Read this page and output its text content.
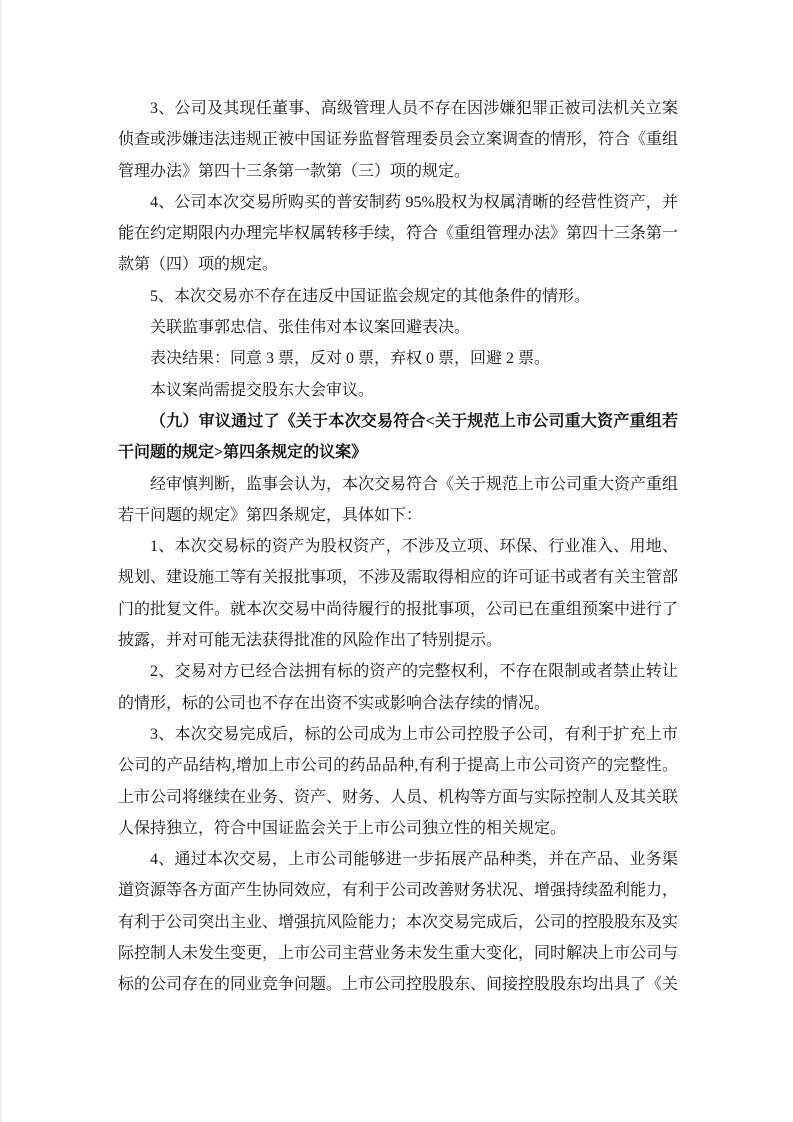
3、公司及其现任董事、高级管理人员不存在因涉嫌犯罪正被司法机关立案
侦查或涉嫌违法违规正被中国证券监督管理委员会立案调查的情形，符合《重组
管理办法》第四十三条第一款第（三）项的规定。
4、公司本次交易所购买的普安制药 95%股权为权属清晰的经营性资产，并
能在约定期限内办理完毕权属转移手续，符合《重组管理办法》第四十三条第一
款第（四）项的规定。
5、本次交易亦不存在违反中国证监会规定的其他条件的情形。
关联监事郭忠信、张佳伟对本议案回避表决。
表决结果：同意 3 票，反对 0 票，弃权 0 票，回避 2 票。
本议案尚需提交股东大会审议。
（九）审议通过了《关于本次交易符合<关于规范上市公司重大资产重组若
干问题的规定>第四条规定的议案》
经审慎判断，监事会认为，本次交易符合《关于规范上市公司重大资产重组
若干问题的规定》第四条规定，具体如下：
1、本次交易标的资产为股权资产，不涉及立项、环保、行业准入、用地、
规划、建设施工等有关报批事项，不涉及需取得相应的许可证书或者有关主管部
门的批复文件。就本次交易中尚待履行的报批事项，公司已在重组预案中进行了
披露，并对可能无法获得批准的风险作出了特别提示。
2、交易对方已经合法拥有标的资产的完整权利，不存在限制或者禁止转让
的情形，标的公司也不存在出资不实或影响合法存续的情况。
3、本次交易完成后，标的公司成为上市公司控股子公司，有利于扩充上市
公司的产品结构,增加上市公司的药品品种,有利于提高上市公司资产的完整性。
上市公司将继续在业务、资产、财务、人员、机构等方面与实际控制人及其关联
人保持独立，符合中国证监会关于上市公司独立性的相关规定。
4、通过本次交易，上市公司能够进一步拓展产品种类，并在产品、业务渠
道资源等各方面产生协同效应，有利于公司改善财务状况、增强持续盈利能力，
有利于公司突出主业、增强抗风险能力；本次交易完成后，公司的控股股东及实
际控制人未发生变更，上市公司主营业务未发生重大变化，同时解决上市公司与
标的公司存在的同业竞争问题。上市公司控股股东、间接控股股东均出具了《关
